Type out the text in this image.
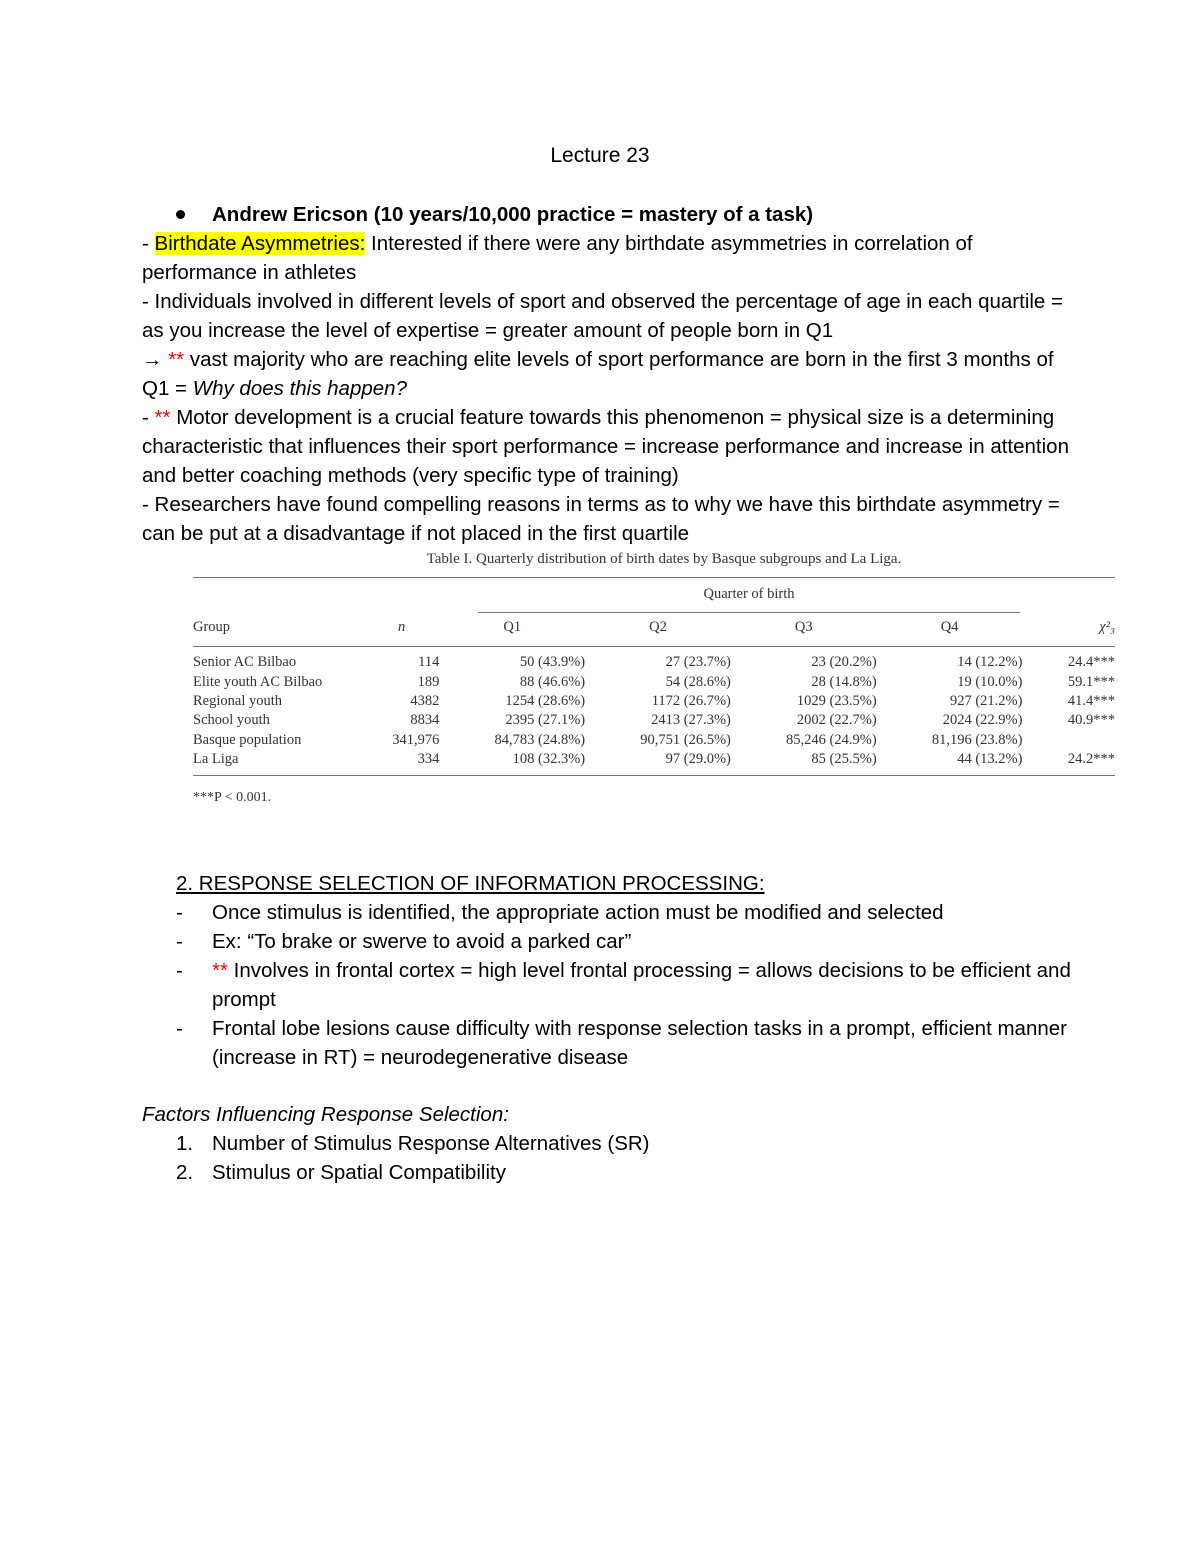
Lecture 23
Andrew Ericson (10 years/10,000 practice = mastery of a task)

- Birthdate Asymmetries: Interested if there were any birthdate asymmetries in correlation of performance in athletes

- Individuals involved in different levels of sport and observed the percentage of age in each quartile = as you increase the level of expertise = greater amount of people born in Q1

→ ** vast majority who are reaching elite levels of sport performance are born in the first 3 months of Q1 = Why does this happen?

- ** Motor development is a crucial feature towards this phenomenon = physical size is a determining characteristic that influences their sport performance = increase performance and increase in attention and better coaching methods (very specific type of training)

- Researchers have found compelling reasons in terms as to why we have this birthdate asymmetry = can be put at a disadvantage if not placed in the first quartile

Table I. Quarterly distribution of birth dates by Basque subgroups and La Liga.
Quarter of birth
Group	n	Q1	Q2	Q3	Q4	χ²₃
Senior AC Bilbao	114	50 (43.9%)	27 (23.7%)	23 (20.2%)	14 (12.2%)	24.4***
Elite youth AC Bilbao	189	88 (46.6%)	54 (28.6%)	28 (14.8%)	19 (10.0%)	59.1***
Regional youth	4382	1254 (28.6%)	1172 (26.7%)	1029 (23.5%)	927 (21.2%)	41.4***
School youth	8834	2395 (27.1%)	2413 (27.3%)	2002 (22.7%)	2024 (22.9%)	40.9***
Basque population	341,976	84,783 (24.8%)	90,751 (26.5%)	85,246 (24.9%)	81,196 (23.8%)	
La Liga	334	108 (32.3%)	97 (29.0%)	85 (25.5%)	44 (13.2%)	24.2***
***P < 0.001.
2. RESPONSE SELECTION OF INFORMATION PROCESSING:
- Once stimulus is identified, the appropriate action must be modified and selected
- Ex: “To brake or swerve to avoid a parked car”
- ** Involves in frontal cortex = high level frontal processing = allows decisions to be efficient and prompt
- Frontal lobe lesions cause difficulty with response selection tasks in a prompt, efficient manner (increase in RT) = neurodegenerative disease
Factors Influencing Response Selection:
1. Number of Stimulus Response Alternatives (SR)
2. Stimulus or Spatial Compatibility
